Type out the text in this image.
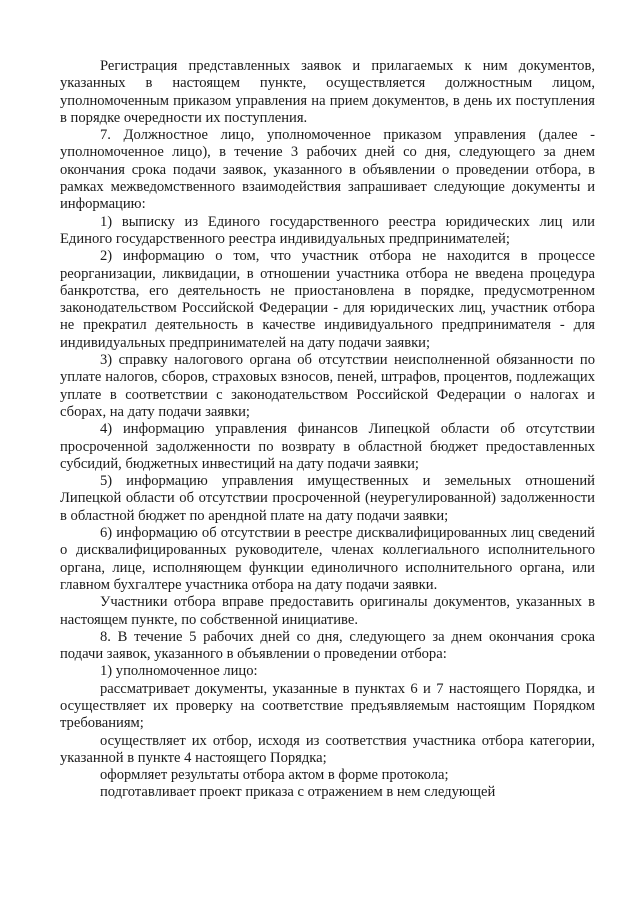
Регистрация представленных заявок и прилагаемых к ним документов, указанных в настоящем пункте, осуществляется должностным лицом, уполномоченным приказом управления на прием документов, в день их поступления в порядке очередности их поступления.

7. Должностное лицо, уполномоченное приказом управления (далее - уполномоченное лицо), в течение 3 рабочих дней со дня, следующего за днем окончания срока подачи заявок, указанного в объявлении о проведении отбора, в рамках межведомственного взаимодействия запрашивает следующие документы и информацию:

1) выписку из Единого государственного реестра юридических лиц или Единого государственного реестра индивидуальных предпринимателей;

2) информацию о том, что участник отбора не находится в процессе реорганизации, ликвидации, в отношении участника отбора не введена процедура банкротства, его деятельность не приостановлена в порядке, предусмотренном законодательством Российской Федерации - для юридических лиц, участник отбора не прекратил деятельность в качестве индивидуального предпринимателя - для индивидуальных предпринимателей на дату подачи заявки;

3) справку налогового органа об отсутствии неисполненной обязанности по уплате налогов, сборов, страховых взносов, пеней, штрафов, процентов, подлежащих уплате в соответствии с законодательством Российской Федерации о налогах и сборах, на дату подачи заявки;

4) информацию управления финансов Липецкой области об отсутствии просроченной задолженности по возврату в областной бюджет предоставленных субсидий, бюджетных инвестиций на дату подачи заявки;

5) информацию управления имущественных и земельных отношений Липецкой области об отсутствии просроченной (неурегулированной) задолженности в областной бюджет по арендной плате на дату подачи заявки;

6) информацию об отсутствии в реестре дисквалифицированных лиц сведений о дисквалифицированных руководителе, членах коллегиального исполнительного органа, лице, исполняющем функции единоличного исполнительного органа, или главном бухгалтере участника отбора на дату подачи заявки.

Участники отбора вправе предоставить оригиналы документов, указанных в настоящем пункте, по собственной инициативе.

8. В течение 5 рабочих дней со дня, следующего за днем окончания срока подачи заявок, указанного в объявлении о проведении отбора:

1) уполномоченное лицо:

рассматривает документы, указанные в пунктах 6 и 7 настоящего Порядка, и осуществляет их проверку на соответствие предъявляемым настоящим Порядком требованиям;

осуществляет их отбор, исходя из соответствия участника отбора категории, указанной в пункте 4 настоящего Порядка;

оформляет результаты отбора актом в форме протокола;

подготавливает проект приказа с отражением в нем следующей
